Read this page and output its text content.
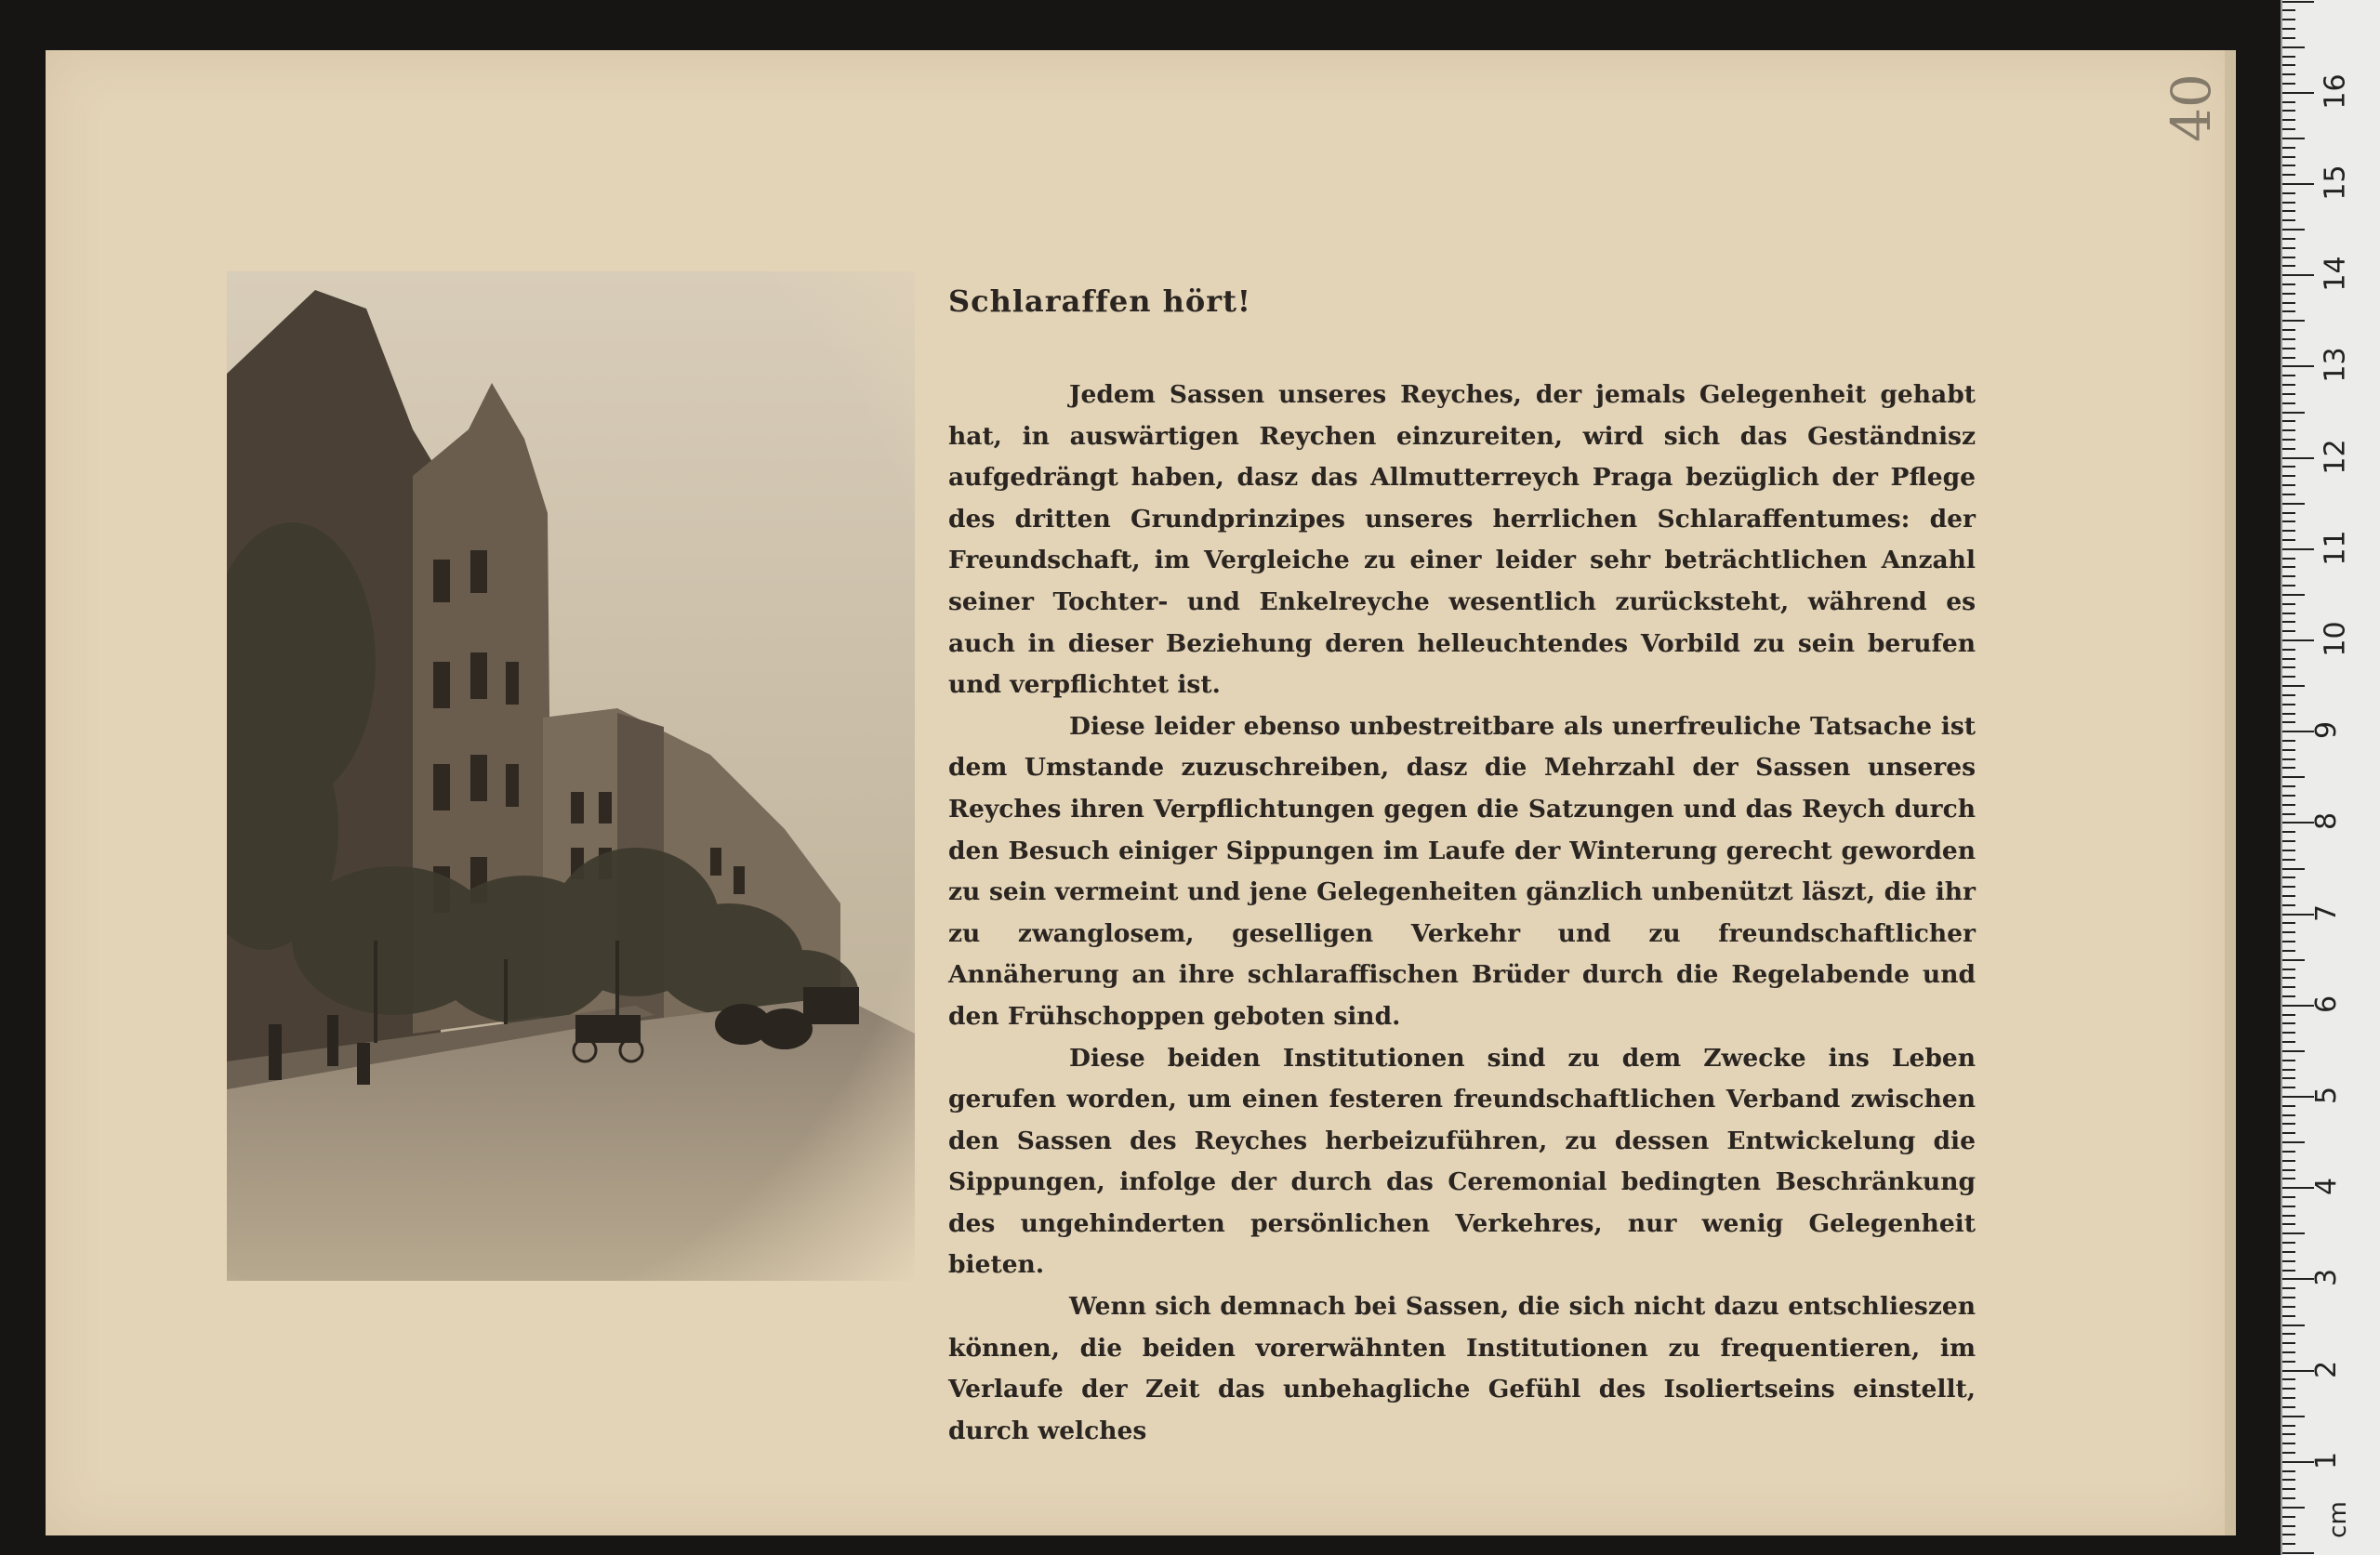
40
Schlaraffen hört!

Jedem Sassen unseres Reyches, der jemals Gelegenheit gehabt hat, in auswärtigen Reychen einzureiten, wird sich das Geständnisz aufgedrängt haben, dasz das Allmutterreych Praga bezüglich der Pflege des dritten Grundprinzipes unseres herrlichen Schlaraffentumes: der Freundschaft, im Vergleiche zu einer leider sehr beträchtlichen Anzahl seiner Tochter- und Enkelreyche wesentlich zurücksteht, während es auch in dieser Beziehung deren helleuchtendes Vorbild zu sein berufen und verpflichtet ist.

Diese leider ebenso unbestreitbare als unerfreuliche Tatsache ist dem Umstande zuzuschreiben, dasz die Mehrzahl der Sassen unseres Reyches ihren Verpflichtungen gegen die Satzungen und das Reych durch den Besuch einiger Sippungen im Laufe der Winterung gerecht geworden zu sein vermeint und jene Gelegenheiten gänzlich unbenützt läszt, die ihr zu zwanglosem, geselligen Verkehr und zu freundschaftlicher Annäherung an ihre schlaraffischen Brüder durch die Regelabende und den Frühschoppen geboten sind.

Diese beiden Institutionen sind zu dem Zwecke ins Leben gerufen worden, um einen festeren freundschaftlichen Verband zwischen den Sassen des Reyches herbeizuführen, zu dessen Entwickelung die Sippungen, infolge der durch das Ceremonial bedingten Beschränkung des ungehinderten persönlichen Verkehres, nur wenig Gelegenheit bieten.

Wenn sich demnach bei Sassen, die sich nicht dazu entschlieszen können, die beiden vorerwähnten Institutionen zu frequentieren, im Verlaufe der Zeit das unbehagliche Gefühl des Isoliertseins einstellt, durch welches

cm
1
2
3
4
5
6
7
8
9
10
11
12
13
14
15
16
